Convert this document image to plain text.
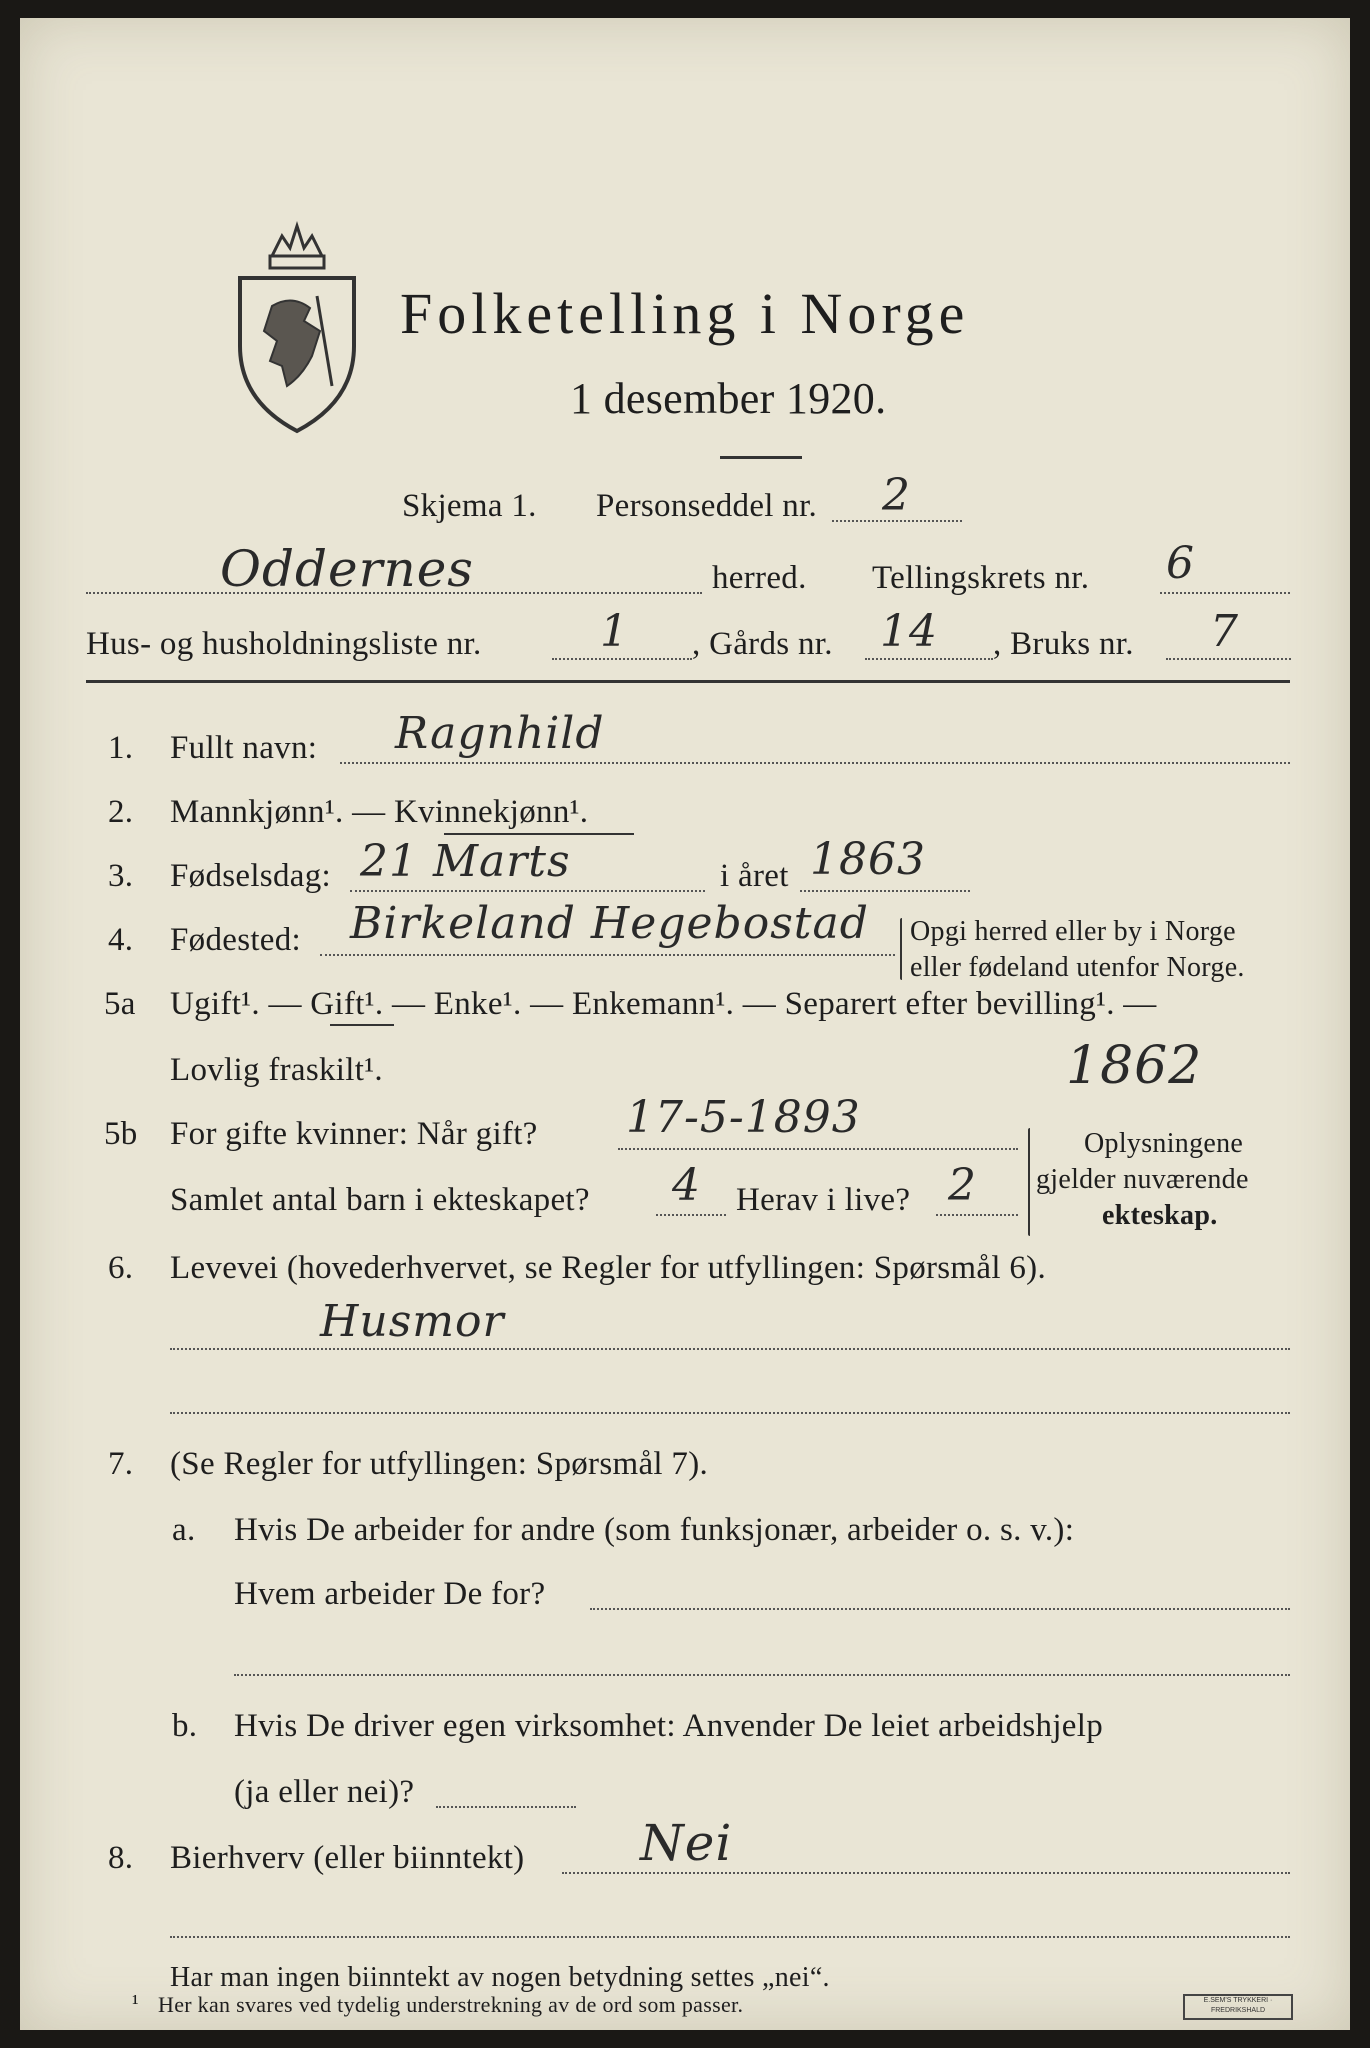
Folketelling i Norge
1 desember 1920.
Skjema 1. Personseddel nr. 2
Oddernes	herred. Tellingskrets nr. 6
Hus- og husholdningsliste nr.	1 , Gårds nr. 14 , Bruks nr. 7
1. Fullt navn: Ragnhild
2. Mannkjønn¹. — Kvinnekjønn¹.
3. Fødselsdag: 21 Marts	i året 1863
4. Fødested: Birkeland Hegebostad Opgi herred eller by i Norge
eller fødeland utenfor Norge.
5a Ugift¹. — Gift¹. — Enke¹. — Enkemann¹. — Separert efter bevilling¹. —
Lovlig fraskilt¹.	1862
5b For gifte kvinner: Når gift? 17-5-1893
Samlet antal barn i ekteskapet? 4 Herav i live? 2
Oplysningene
gjelder nuværende
ekteskap.
6. Levevei (hovederhvervet, se Regler for utfyllingen: Spørsmål 6).
Husmor
7. (Se Regler for utfyllingen: Spørsmål 7).
a. Hvis De arbeider for andre (som funksjonær, arbeider o. s. v.):
Hvem arbeider De for?
b. Hvis De driver egen virksomhet: Anvender De leiet arbeidshjelp
(ja eller nei)?
8. Bierhverv (eller biinntekt) Nei
Har man ingen biinntekt av nogen betydning settes „nei“.
¹ Her kan svares ved tydelig understrekning av de ord som passer.	E.SEM'S TRYKKERI · FREDRIKSHALD
